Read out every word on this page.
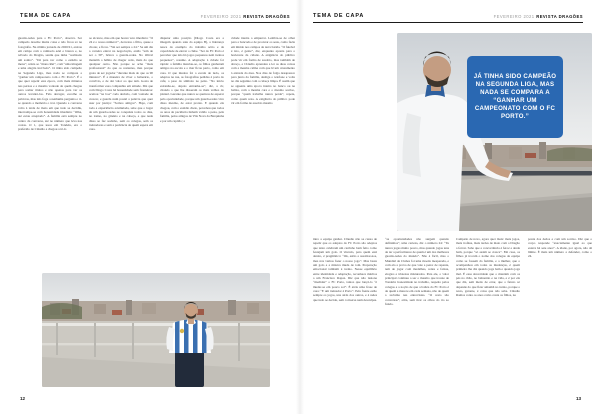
TEMA DE CAPA	FEVEREIRO 2021 REVISTA DRAGÕES
guarda-redes para o FC Porto”, observa. Ser campeão deu-lhe muita coisa e não ficou só na fotografia. Na última jornada de 2020/21, entrou em campo com a camisola azul e branca e, no relvado do Dragão, sentiu que tinha “realizado um sonho”. “Dá para ver como o estádio se mexe”, relata ao “mano Rui”, com “uma imagem e uma alegria incríveis”. Já tinha sido campeão na Segunda Liga, mas nada se compara a “ganhar um campeonato com o FC Porto”. É o que quer repetir esta época, com mais minutos nas pernas e a mesma vontade de quem chegou para somar títulos e não apenas para ver os outros levantá-los. Fala devagar, escolhe as palavras, mas não foge a nenhuma pergunta e ri-se quando a memória o trai. Quando a conversa volta à tarde de maio em que tudo se decidiu, interrompe-se com honestidade imediata: “Olha, até estou arrepiado”. A família está sempre no centro da conversa, até no número que leva nas costas. O 1, que usou em Tondela, era o preferido de Cláudio e chegou a tê-lo
ao alcance, mas em que houve veto imediato: “O 24 é o nosso número!”, decretou o filho, quase a chorar, e ficou. “Vai ser sempre o 24.” Se um dia a carreira entrar na negociação, então “tem de ser o 30”, brinca o guarda-redes. No Olival mantém o hábito de chegar cedo, mais do que qualquer outro. Não porque se ache “mais profissional” do que os restantes, mas porque gosta de ser jogador “durante mais do que os 90 minutos”. É a maneira de viver o balneário, o convívio, e de dar valor ao que tem. Gosta de transformar essa companhia em atitude. Diz que com Diogo Costa há honestidade sem fronteiras: aceitou “na boa” cada decisão, com vontade de crescer, e guarda num postal a palavra que quer usar por justiça: “Somos amigos”. Hoje, com toda a experiência acumulada, sabe que o lugar de um guarda-redes se conquista todos os dias, no treino, no ginásio e na cabeça, e que nada disso se faz sozinho, sem os colegas, sem os treinadores e sem a paciência de quem espera em casa.
disputar uma posição (Diogo Costa era a imagem quando saiu da equipa B), a liderança nasce do exemplo do trabalho sério e da capacidade de elevar o clube. “Ser do FC Porto é perceber que não há jogos pequenos nem treinos pequenos”, resume. A adaptação à cidade foi rápida: a família instalou-se, os filhos ganharam amigos na escola e o mar ficou perto, como em casa. O que mudou foi a escala de tudo, os adeptos na rua, as fotografias pedidas à porta do café, o peso do símbolo no peito. “No início estranha-se, depois entranha-se”, diz, a rir, citando o que lhe disseram os mais velhos do plantel. Garante que nunca se queixou de esperar pela oportunidade, porque um guarda-redes vive disso mesmo, de estar pronto. E quando ela chegou, com o estádio cheio, percebeu que todos os anos de paciência tinham valido a pena, pela família, pelos amigos de Vila Nova da Barquinha e por um capitão; a
cidade inteira a empurrar. Lembra-se de olhar para a bancada e de procurar os seus, como fazia em miúdo nos campos de terra batida. “O futebol é isto, é gente”, diz, enquanto aponta para o horizonte da cidade. A exigência do público pode vir em forma de assobio, mas também de abraço, e Cláudio aprendeu a ler as duas coisas com a mesma calma com que lê um cruzamento à entrada da área. Nos dias de folga desaparece para junto da família, desliga o telefone e volta no dia seguinte com a cabeça limpa. É assim que se aguenta uma época inteira no banco ou na baliza, com a mesma cara e o mesmo sorriso, porque “quem trabalha nunca perde”, repete, como quem reza. A exigência do público pode vir em forma de assobio mesmo
12
TEMA DE CAPA	FEVEREIRO 2021 REVISTA DRAGÕES
JÁ TINHA SIDO CAMPEÃO NA SEGUNDA LIGA, MAS NADA SE COMPARA A “GANHAR UM CAMPEONATO COM O FC PORTO.”
intro a equipa ganhar. Cláudio não se cansa de repetir que os adeptos do FC Porto são adeptos que tanto celebram um carrinho bem feito como festejam um golo. O vínculo, para quem está dentro, é pragmático: “Ok, estão a assobiar-nos, mas nós vamos fazer o nosso jogo”. Mas basta um golo e a música muda de tom. Preparação emocional também é treino. Nesse equilíbrio entre identidade e adaptação, reconhece méritos a um Francisco Rapaz. Diz que não lesiona “medidas” o FC Porto, tantos que lançá-lo “é mudar-se em pouco sol”. É atrás uma frase de casa: “E um treinador à Porto”. Pela frente estão sempre os jogos, uns atrás dos outros, e é neles que tudo se decide, sem conversa nem desculpas.
“as oportunidades não surgem quando definimos”, uma certeza, diz o número 24: “Tu nunca jogas muito pouco, mas quando jogas tens de ter a performance de quem é um dos melhores guarda-redes do mundo”. Não é fácil, mas o Mundial de Clubes foi uma moeda inesperada, e com ela a prova de que vale a pena: de repente, tem de jogar com medalhas, redes e faixas, elogios e tristezas misturados. Para ele, o valor principal continua a ser o mesmo que trouxe de Tondela: honestidade no trabalho, respeito pelos colegas e a noção de que a baliza do FC Porto é de quem a merece em cada semana, não de quem a reclama nas entrevistas. “O resto são conversas”, atira, sem tirar os olhos do rio ao fundo.
Campeão de novo, agora quer mais: mais jogos, mais troféus, mais tardes de maio com o Dragão a ferver. Sabe que a concorrência é feroz e ainda bem, porque “só assim se cresce”. Em casa, os filhos já trocam o nome dos colegas de equipa como se fossem da família, e a mulher, que o acompanhou em todas as mudanças, é quem primeiro lhe diz quando joga bem e quando joga mal. É essa sinceridade que o mantém com os pés no chão, no balneário e na vida, e é por ela que diz, sem medo de errar, que o futuro só depende do que fizer amanhã no treino, porque o resto, garante, é coisa que não sabe. Cláudio Ramos conta os anos como conta os filhos, na
ponta dos dedos e com um sorriso. Diz que o corpo responde “exactamente igual ao que estava há sete anos”. A idade, por agora, não dá limite. É mais um número a defender, como o 24.
13
